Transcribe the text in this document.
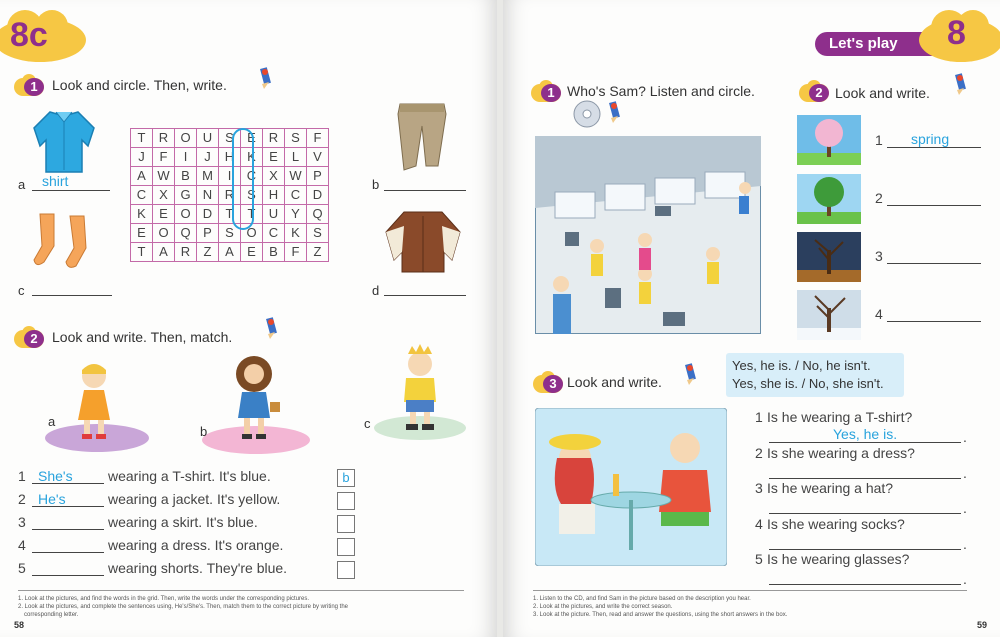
8c
1	Look and circle. Then, write.
a shirt
c
T	R	O	U	S	E	R	S	F
J	F	I	J	H	K	E	L	V
A	W	B	M	I	C	X	W	P
C	X	G	N	R	S	H	C	D
K	E	O	D	T	T	U	Y	Q
E	O	Q	P	S	O	C	K	S
T	A	R	Z	A	E	B	F	Z
b
d
2	Look and write. Then, match.
a
b
c
1 She's	wearing a T-shirt. It's blue.	b
2 He's	wearing a jacket. It's yellow.
3	wearing a skirt. It's blue.
4	wearing a dress. It's orange.
5	wearing shorts. They're blue.
1. Look at the pictures, and find the words in the grid. Then, write the words under the corresponding pictures.
2. Look at the pictures, and complete the sentences using, He's/She's. Then, match them to the correct picture by writing the
corresponding letter.
58
Let's play 8
1 Who's Sam? Listen and circle.	2 Look and write.
1 spring
2
3
4
3 Look and write.
Yes, he is. / No, he isn't.
Yes, she is. / No, she isn't.
1 Is he wearing a T-shirt?
Yes, he is.	.
2 Is she wearing a dress?
.
3 Is he wearing a hat?
.
4 Is she wearing socks?
.
5 Is he wearing glasses?
.
1. Listen to the CD, and find Sam in the picture based on the description you hear.
2. Look at the pictures, and write the correct season.
3. Look at the picture. Then, read and answer the questions, using the short answers in the box.
59
